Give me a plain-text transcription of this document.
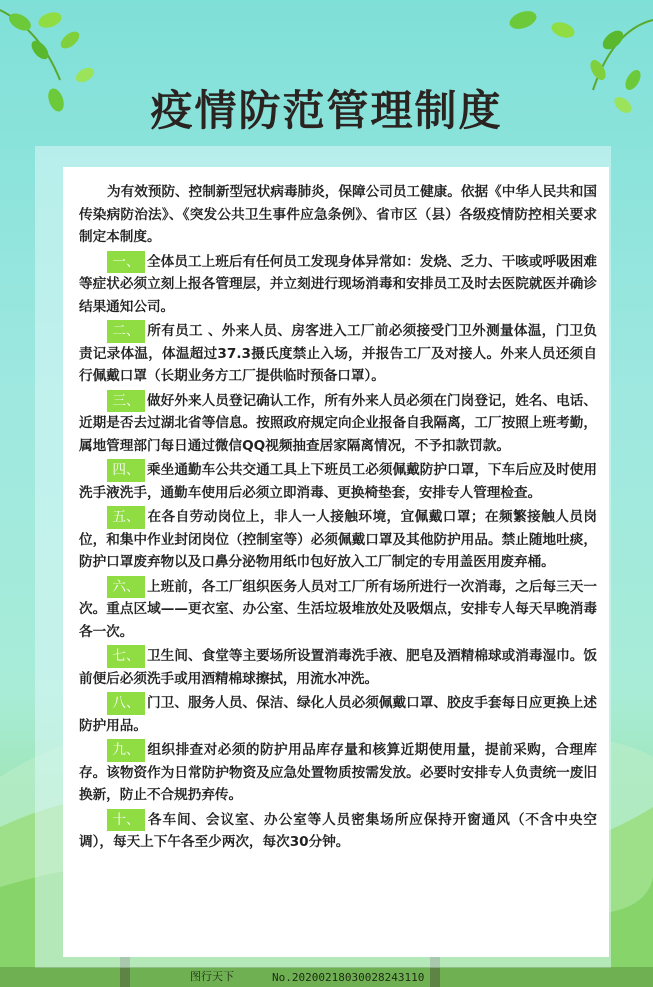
疫情防范管理制度

为有效预防、控制新型冠状病毒肺炎，保障公司员工健康。依据《中华人民共和国传染病防治法》、《突发公共卫生事件应急条例》、省市区（县）各级疫情防控相关要求制定本制度。

一、 全体员工上班后有任何员工发现身体异常如：发烧、乏力、干咳或呼吸困难等症状必须立刻上报各管理层，并立刻进行现场消毒和安排员工及时去医院就医并确诊结果通知公司。

二、 所有员工 、外来人员、房客进入工厂前必须接受门卫外测量体温，门卫负责记录体温，体温超过37.3摄氏度禁止入场，并报告工厂及对接人。外来人员还须自行佩戴口罩（长期业务方工厂提供临时预备口罩）。

三、 做好外来人员登记确认工作，所有外来人员必须在门岗登记，姓名、电话、近期是否去过湖北省等信息。按照政府规定向企业报备自我隔离，工厂按照上班考勤，属地管理部门每日通过微信QQ视频抽查居家隔离情况，不予扣款罚款。

四、 乘坐通勤车公共交通工具上下班员工必须佩戴防护口罩，下车后应及时使用洗手液洗手，通勤车使用后必须立即消毒、更换椅垫套，安排专人管理检查。

五、 在各自劳动岗位上，非人一人接触环境，宜佩戴口罩；在频繁接触人员岗位，和集中作业封闭岗位（控制室等）必须佩戴口罩及其他防护用品。禁止随地吐痰，防护口罩废弃物以及口鼻分泌物用纸巾包好放入工厂制定的专用盖医用废弃桶。

六、 上班前，各工厂组织医务人员对工厂所有场所进行一次消毒，之后每三天一次。重点区域——更衣室、办公室、生活垃圾堆放处及吸烟点，安排专人每天早晚消毒各一次。

七、 卫生间、食堂等主要场所设置消毒洗手液、肥皂及酒精棉球或消毒湿巾。饭前便后必须洗手或用酒精棉球擦拭，用流水冲洗。

八、 门卫、服务人员、保洁、绿化人员必须佩戴口罩、胶皮手套每日应更换上述防护用品。

九、 组织排查对必须的防护用品库存量和核算近期使用量，提前采购，合理库存。该物资作为日常防护物资及应急处置物质按需发放。必要时安排专人负责统一废旧换新，防止不合规扔弃传。

十、 各车间、会议室、办公室等人员密集场所应保持开窗通风（不含中央空调），每天上下午各至少两次，每次30分钟。

图行天下	No.20200218030028243110
